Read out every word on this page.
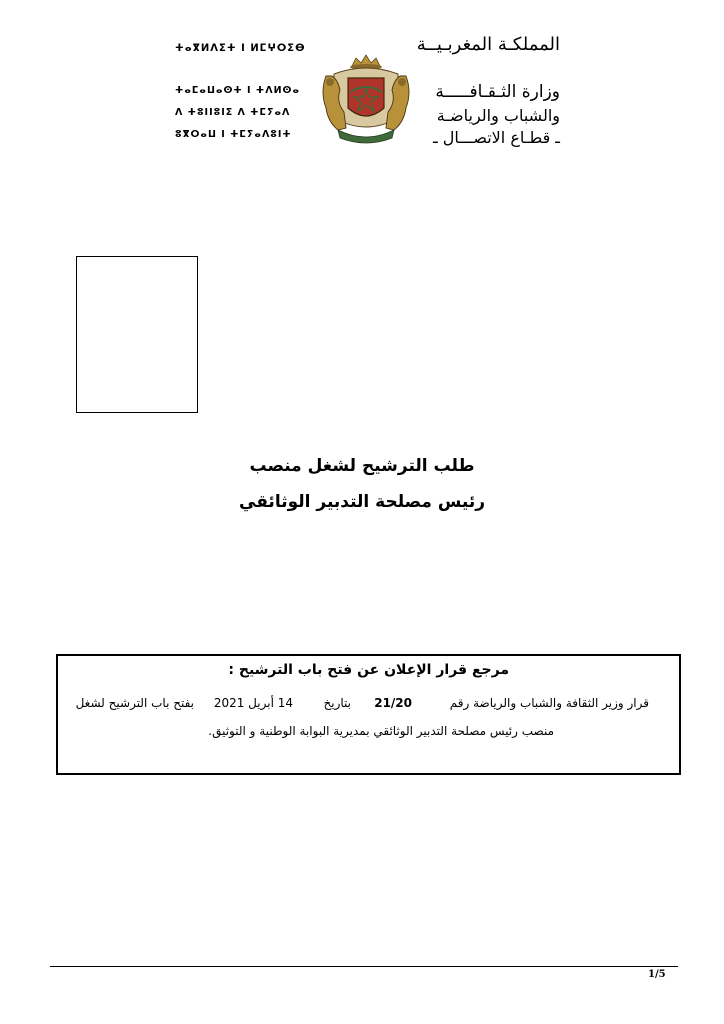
ⵜⴰⴳⵍⴷⵉⵜ ⵏ ⵍⵎⵖⵔⵉⴱ
ⵜⴰⵎⴰⵡⴰⵙⵜ ⵏ ⵜⴷⵍⵙⴰ
ⴷ ⵜⵓⵏⵏⵓⵏⵉ ⴷ ⵜⵎⵢⴰⴷ
ⵓⴳⵔⴰⵡ ⵏ ⵜⵎⵢⴰⴷⵓⵏⵜ
المملكـة المغربـيــة
وزارة الثـقـافـــــة
والشباب والرياضـة
ـ قطـاع الاتصـــال ـ
طلب الترشيح لشغل منصب
رئيس مصلحة التدبير الوثائقي
مرجع قرار الإعلان عن فتح باب الترشيح :
قرار وزير الثقافة والشباب والرياضة رقم
21/20
بتاريخ
14 أبريل 2021
بفتح باب الترشيح لشغل
منصب رئيس مصلحة التدبير الوثائقي بمديرية البوابة الوطنية و التوثيق.
1/5
